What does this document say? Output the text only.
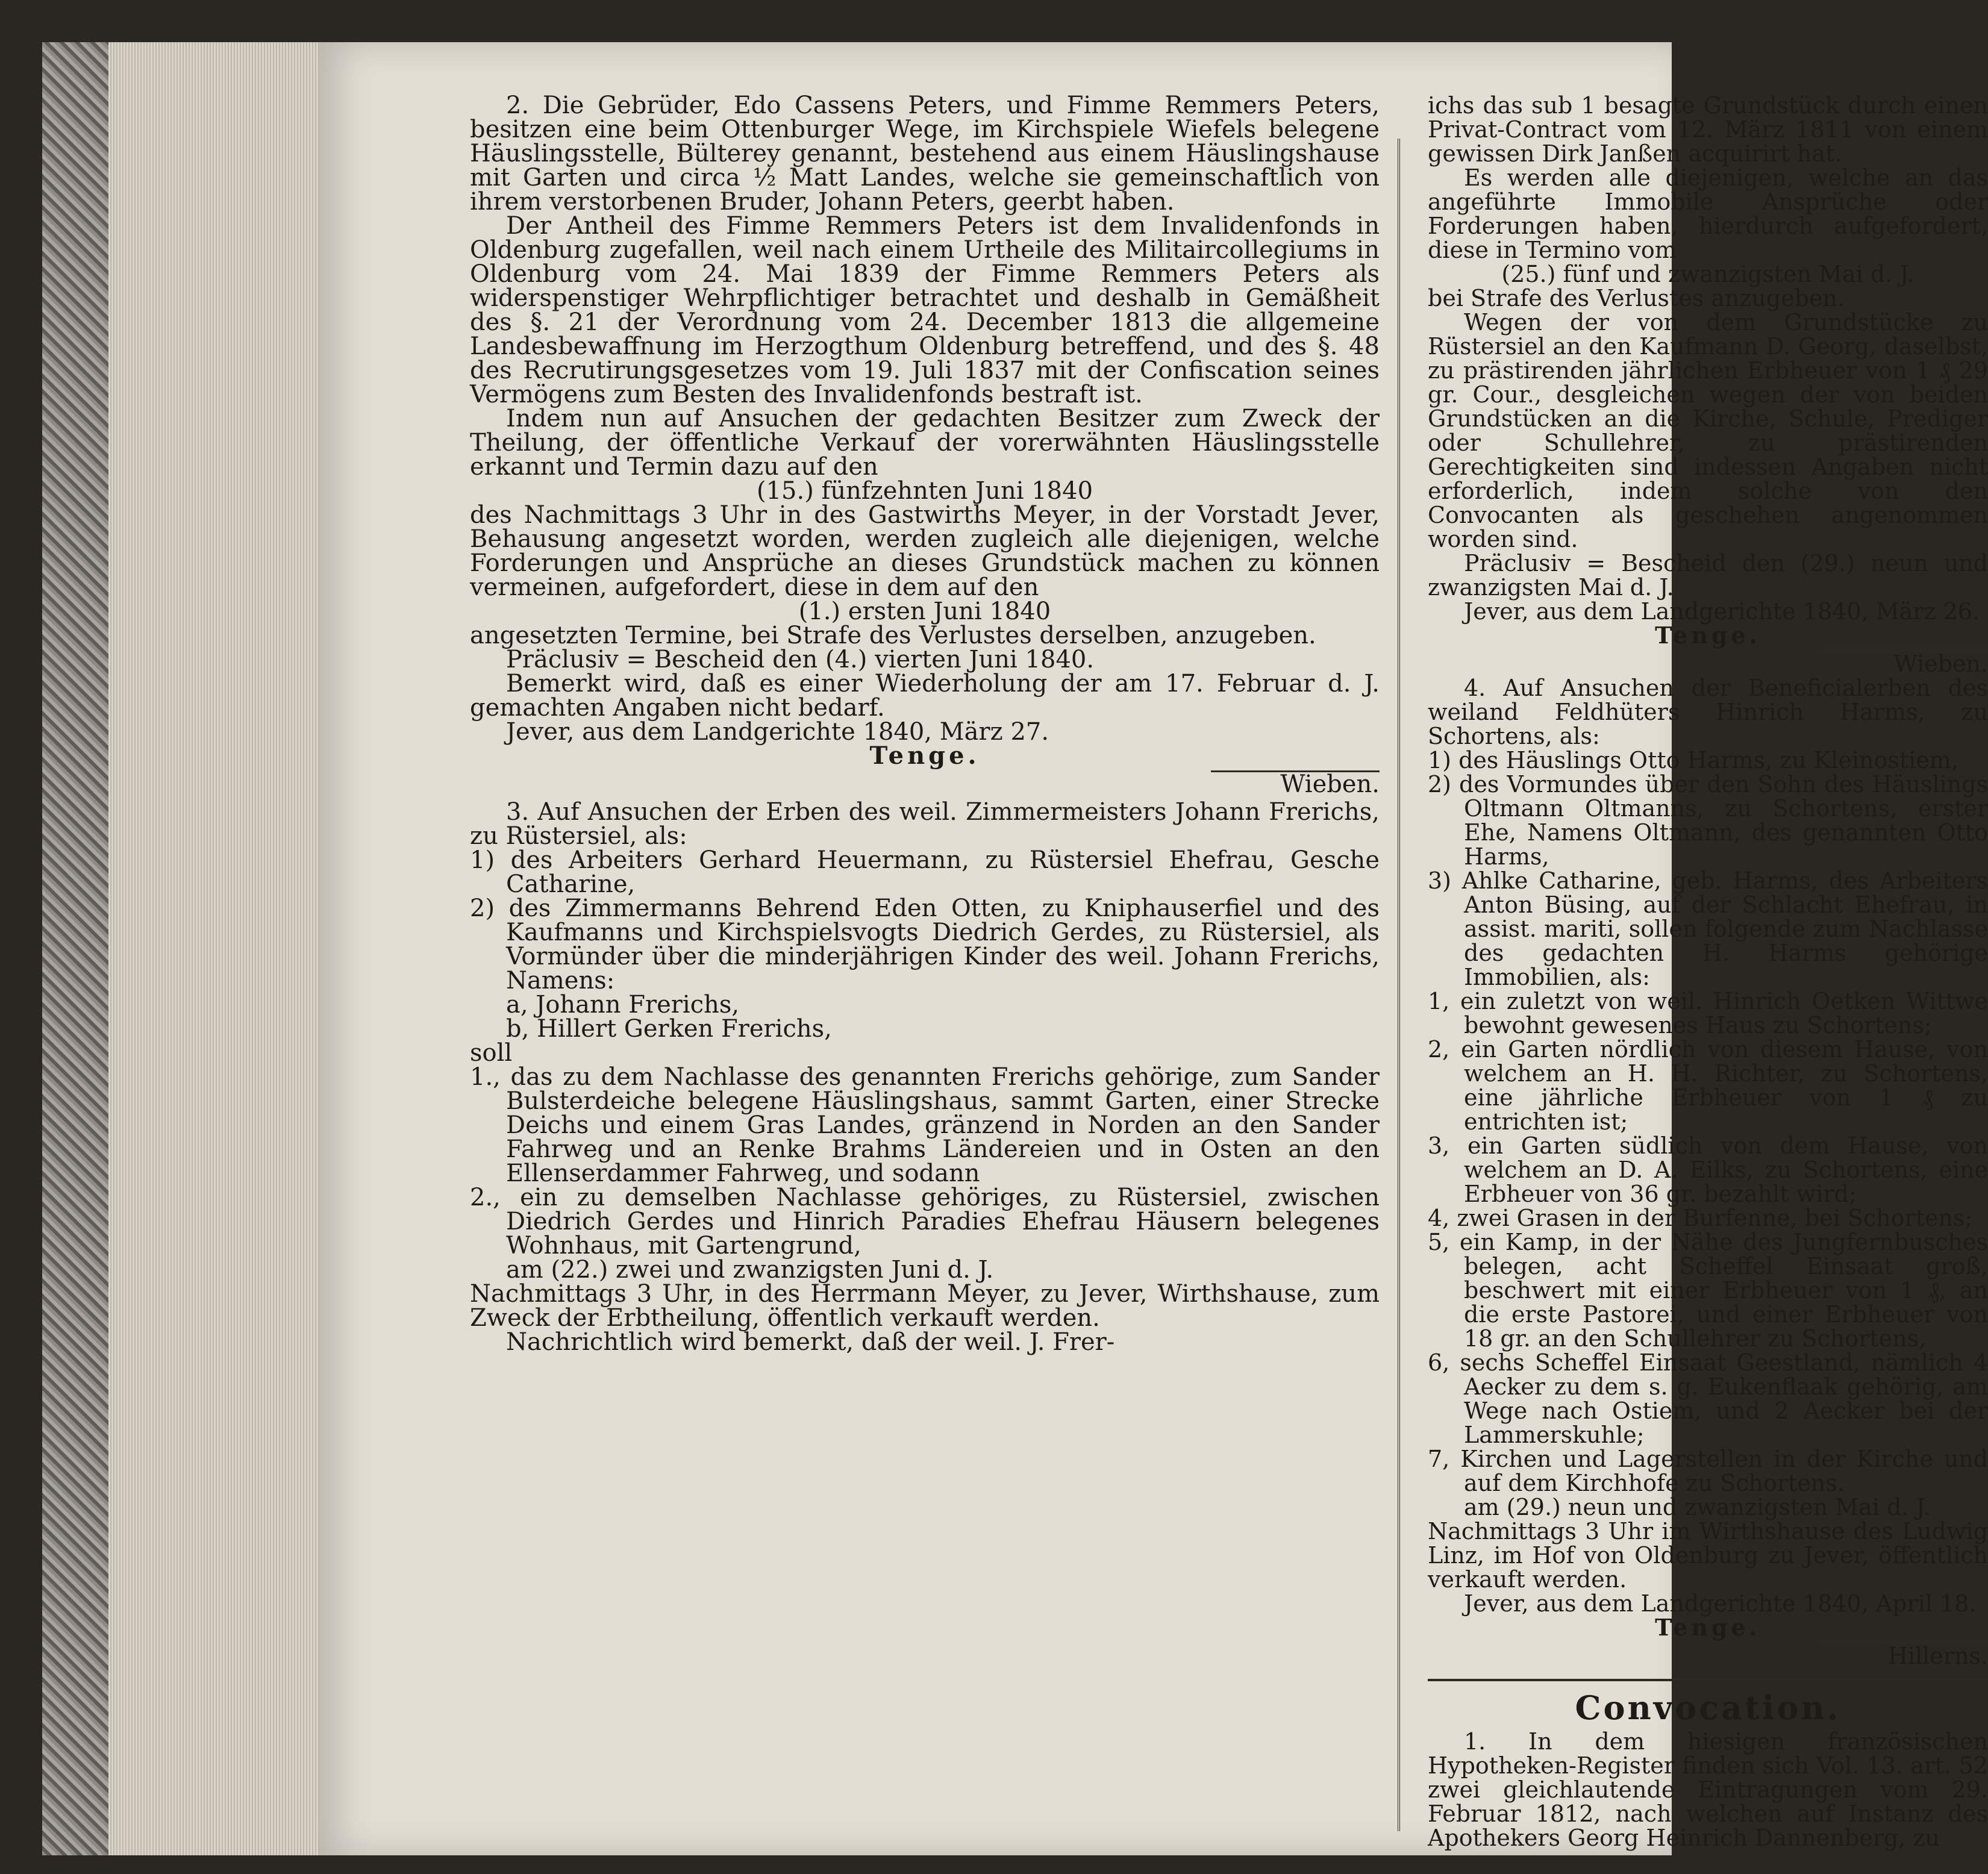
2. Die Gebrüder, Edo Cassens Peters, und Fimme Remmers Peters, besitzen eine beim Ottenburger Wege, im Kirchspiele Wiefels belegene Häuslingsstelle, Bülterey genannt, bestehend aus einem Häuslingshause mit Garten und circa ½ Matt Landes, welche sie gemeinschaftlich von ihrem verstorbenen Bruder, Johann Peters, geerbt haben.

Der Antheil des Fimme Remmers Peters ist dem Invalidenfonds in Oldenburg zugefallen, weil nach einem Urtheile des Militaircollegiums in Oldenburg vom 24. Mai 1839 der Fimme Remmers Peters als widerspenstiger Wehrpflichtiger betrachtet und deshalb in Gemäßheit des §. 21 der Verordnung vom 24. December 1813 die allgemeine Landesbewaffnung im Herzogthum Oldenburg betreffend, und des §. 48 des Recrutirungsgesetzes vom 19. Juli 1837 mit der Confiscation seines Vermögens zum Besten des Invalidenfonds bestraft ist.

Indem nun auf Ansuchen der gedachten Besitzer zum Zweck der Theilung, der öffentliche Verkauf der vorerwähnten Häuslingsstelle erkannt und Termin dazu auf den

(15.) fünfzehnten Juni 1840

des Nachmittags 3 Uhr in des Gastwirths Meyer, in der Vorstadt Jever, Behausung angesetzt worden, werden zugleich alle diejenigen, welche Forderungen und Ansprüche an dieses Grundstück machen zu können vermeinen, aufgefordert, diese in dem auf den

(1.) ersten Juni 1840

angesetzten Termine, bei Strafe des Verlustes derselben, anzugeben.

Präclusiv = Bescheid den (4.) vierten Juni 1840.

Bemerkt wird, daß es einer Wiederholung der am 17. Februar d. J. gemachten Angaben nicht bedarf.

Jever, aus dem Landgerichte 1840, März 27.

Tenge.

Wieben.

3. Auf Ansuchen der Erben des weil. Zimmermeisters Johann Frerichs, zu Rüstersiel, als:

1) des Arbeiters Gerhard Heuermann, zu Rüstersiel Ehefrau, Gesche Catharine,

2) des Zimmermanns Behrend Eden Otten, zu Kniphauserfiel und des Kaufmanns und Kirchspielsvogts Diedrich Gerdes, zu Rüstersiel, als Vormünder über die minderjährigen Kinder des weil. Johann Frerichs, Namens:

a, Johann Frerichs,

b, Hillert Gerken Frerichs,

soll

1., das zu dem Nachlasse des genannten Frerichs gehörige, zum Sander Bulsterdeiche belegene Häuslingshaus, sammt Garten, einer Strecke Deichs und einem Gras Landes, gränzend in Norden an den Sander Fahrweg und an Renke Brahms Ländereien und in Osten an den Ellenserdammer Fahrweg, und sodann

2., ein zu demselben Nachlasse gehöriges, zu Rüstersiel, zwischen Diedrich Gerdes und Hinrich Paradies Ehefrau Häusern belegenes Wohnhaus, mit Gartengrund,

am (22.) zwei und zwanzigsten Juni d. J.

Nachmittags 3 Uhr, in des Herrmann Meyer, zu Jever, Wirthshause, zum Zweck der Erbtheilung, öffentlich verkauft werden.

Nachrichtlich wird bemerkt, daß der weil. J. Frer-

ichs das sub 1 besagte Grundstück durch einen Privat-Contract vom 12. März 1811 von einem gewissen Dirk Janßen acquirirt hat.

Es werden alle diejenigen, welche an das angeführte Immobile Ansprüche oder Forderungen haben, hierdurch aufgefordert, diese in Termino vom

(25.) fünf und zwanzigsten Mai d. J.

bei Strafe des Verlustes anzugeben.

Wegen der von dem Grundstücke zu Rüstersiel an den Kaufmann D. Georg, daselbst, zu prästirenden jährlichen Erbheuer von 1 ₰ 29 gr. Cour., desgleichen wegen der von beiden Grundstücken an die Kirche, Schule, Prediger oder Schullehrer, zu prästirenden Gerechtigkeiten sind indessen Angaben nicht erforderlich, indem solche von den Convocanten als geschehen angenommen worden sind.

Präclusiv = Bescheid den (29.) neun und zwanzigsten Mai d. J.

Jever, aus dem Landgerichte 1840, März 26.

Tenge.

Wieben.

4. Auf Ansuchen der Beneficialerben des weiland Feldhüters Hinrich Harms, zu Schortens, als:

1) des Häuslings Otto Harms, zu Kleinostiem,

2) des Vormundes über den Sohn des Häuslings Oltmann Oltmanns, zu Schortens, erster Ehe, Namens Oltmann, des genannten Otto Harms,

3) Ahlke Catharine, geb. Harms, des Arbeiters Anton Büsing, auf der Schlacht Ehefrau, in assist. mariti, sollen folgende zum Nachlasse des gedachten H. Harms gehörige Immobilien, als:

1, ein zuletzt von weil. Hinrich Oetken Wittwe bewohnt gewesenes Haus zu Schortens;

2, ein Garten nördlich von diesem Hause, von welchem an H. H. Richter, zu Schortens, eine jährliche Erbheuer von 1 ₰ zu entrichten ist;

3, ein Garten südlich von dem Hause, von welchem an D. A. Eilks, zu Schortens, eine Erbheuer von 36 gr. bezahlt wird;

4, zwei Grasen in der Burfenne, bei Schortens;

5, ein Kamp, in der Nähe des Jungfernbusches belegen, acht Scheffel Einsaat groß, beschwert mit einer Erbheuer von 1 ₰, an die erste Pastorei, und einer Erbheuer von 18 gr. an den Schullehrer zu Schortens,

6, sechs Scheffel Einsaat Geestland, nämlich 4 Aecker zu dem s. g. Eukenflaak gehörig, am Wege nach Ostiem, und 2 Aecker bei der Lammerskuhle;

7, Kirchen und Lagerstellen in der Kirche und auf dem Kirchhofe zu Schortens.

am (29.) neun und zwanzigsten Mai d. J.

Nachmittags 3 Uhr im Wirthshause des Ludwig Linz, im Hof von Oldenburg zu Jever, öffentlich verkauft werden.

Jever, aus dem Landgerichte 1840, April 18.

Tenge.

Hillerns.

Convocation.

1. In dem hiesigen französischen Hypotheken-Register finden sich Vol. 13. art. 52 zwei gleichlautende Eintragungen vom 29. Februar 1812, nach welchen auf Instanz des Apothekers Georg Heinrich Dannenberg, zu
